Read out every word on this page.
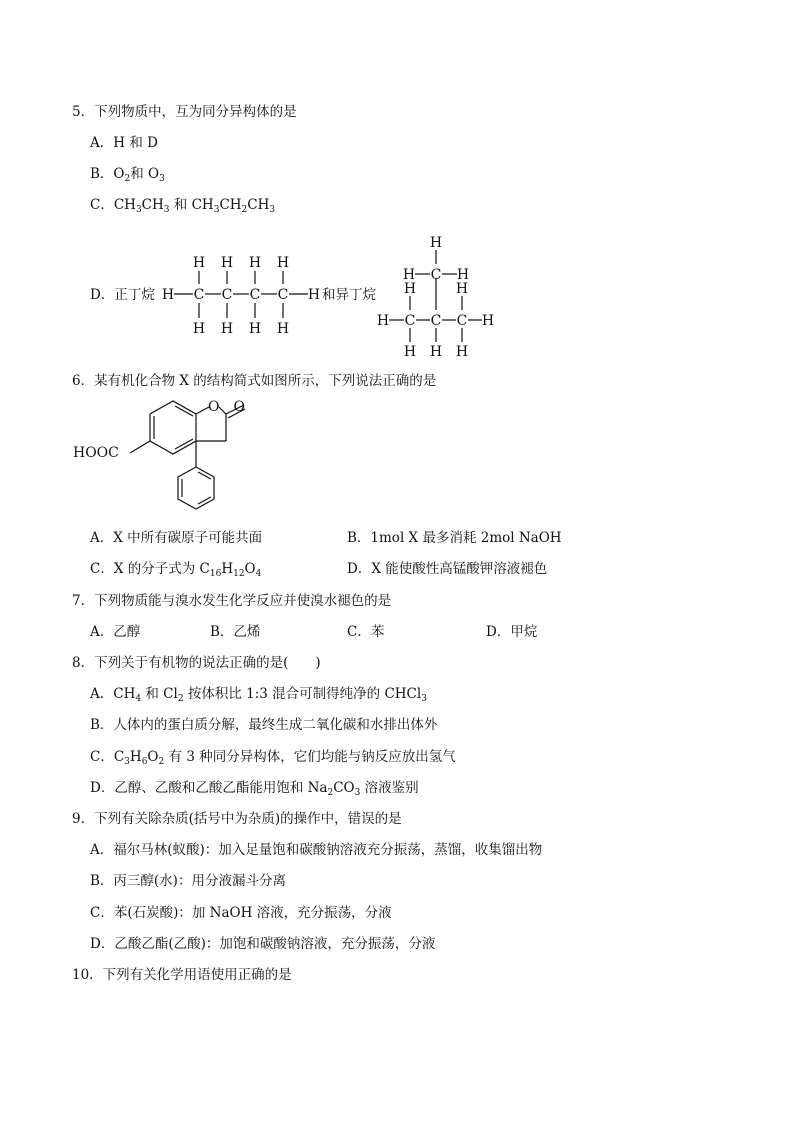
5．下列物质中，互为同分异构体的是
A．H 和 D
B．$O_2$和 $O_3$
C．$CH_3CH_3$ 和 $CH_3CH_2CH_3$
D．正丁烷
H H H H
H C C C C H
H H H H
和异丁烷
H
H C H
H	H
H C C C H
H H H
6．某有机化合物 X 的结构简式如图所示，下列说法正确的是
O O
HOOC
A．X 中所有碳原子可能共面	B．1mol X 最多消耗 2mol NaOH
C．X 的分子式为 $C_{16}H_{12}O_4$	D．X 能使酸性高锰酸钾溶液褪色
7．下列物质能与溴水发生化学反应并使溴水褪色的是
A．乙醇	B．乙烯	C．苯	D．甲烷
8．下列关于有机物的说法正确的是(　　)
A．$CH_4$ 和 $Cl_2$ 按体积比 1:3 混合可制得纯净的 CHCl$_3$
B．人体内的蛋白质分解，最终生成二氧化碳和水排出体外
C．$C_3H_6O_2$ 有 3 种同分异构体，它们均能与钠反应放出氢气
D．乙醇、乙酸和乙酸乙酯能用饱和 $Na_2CO_3$ 溶液鉴别
9．下列有关除杂质(括号中为杂质)的操作中，错误的是
A．福尔马林(蚁酸)：加入足量饱和碳酸钠溶液充分振荡，蒸馏，收集馏出物
B．丙三醇(水)：用分液漏斗分离
C．苯(石炭酸)：加 NaOH 溶液，充分振荡，分液
D．乙酸乙酯(乙酸)：加饱和碳酸钠溶液，充分振荡，分液
10．下列有关化学用语使用正确的是
